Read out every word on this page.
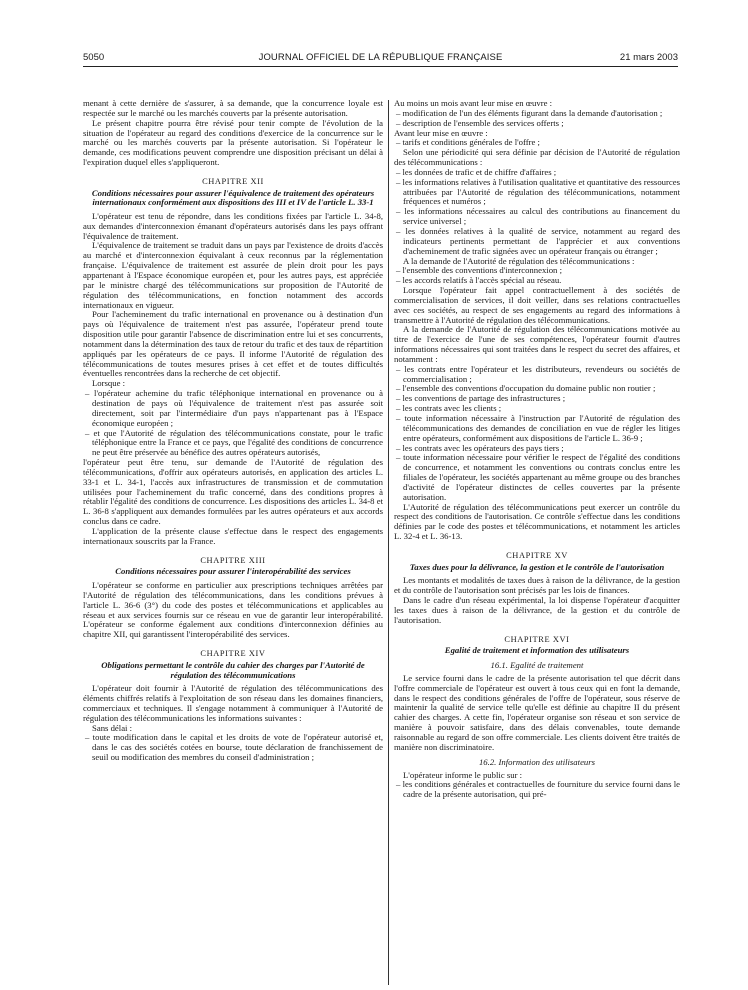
5050	JOURNAL OFFICIEL DE LA RÉPUBLIQUE FRANÇAISE	21 mars 2003

menant à cette dernière de s'assurer, à sa demande, que la concurrence loyale est respectée sur le marché ou les marchés couverts par la présente autorisation.

Le présent chapitre pourra être révisé pour tenir compte de l'évolution de la situation de l'opérateur au regard des conditions d'exercice de la concurrence sur le marché ou les marchés couverts par la présente autorisation. Si l'opérateur le demande, ces modifications peuvent comprendre une disposition précisant un délai à l'expiration duquel elles s'appliqueront.

CHAPITRE XII
Conditions nécessaires pour assurer l'équivalence de traitement des opérateurs internationaux conformément aux dispositions des III et IV de l'article L. 33-1

L'opérateur est tenu de répondre, dans les conditions fixées par l'article L. 34-8, aux demandes d'interconnexion émanant d'opérateurs autorisés dans les pays offrant l'équivalence de traitement.

L'équivalence de traitement se traduit dans un pays par l'existence de droits d'accès au marché et d'interconnexion équivalant à ceux reconnus par la réglementation française. L'équivalence de traitement est assurée de plein droit pour les pays appartenant à l'Espace économique européen et, pour les autres pays, est appréciée par le ministre chargé des télécommunications sur proposition de l'Autorité de régulation des télécommunications, en fonction notamment des accords internationaux en vigueur.

Pour l'acheminement du trafic international en provenance ou à destination d'un pays où l'équivalence de traitement n'est pas assurée, l'opérateur prend toute disposition utile pour garantir l'absence de discrimination entre lui et ses concurrents, notamment dans la détermination des taux de retour du trafic et des taux de répartition appliqués par les opérateurs de ce pays. Il informe l'Autorité de régulation des télécommunications de toutes mesures prises à cet effet et de toutes difficultés éventuelles rencontrées dans la recherche de cet objectif.

Lorsque :

– l'opérateur achemine du trafic téléphonique international en provenance ou à destination de pays où l'équivalence de traitement n'est pas assurée soit directement, soit par l'intermédiaire d'un pays n'appartenant pas à l'Espace économique européen ;
– et que l'Autorité de régulation des télécommunications constate, pour le trafic téléphonique entre la France et ce pays, que l'égalité des conditions de concurrence ne peut être préservée au bénéfice des autres opérateurs autorisés,

l'opérateur peut être tenu, sur demande de l'Autorité de régulation des télécommunications, d'offrir aux opérateurs autorisés, en application des articles L. 33-1 et L. 34-1, l'accès aux infrastructures de transmission et de commutation utilisées pour l'acheminement du trafic concerné, dans des conditions propres à rétablir l'égalité des conditions de concurrence. Les dispositions des articles L. 34-8 et L. 36-8 s'appliquent aux demandes formulées par les autres opérateurs et aux accords conclus dans ce cadre.

L'application de la présente clause s'effectue dans le respect des engagements internationaux souscrits par la France.

CHAPITRE XIII
Conditions nécessaires pour assurer l'interopérabilité des services

L'opérateur se conforme en particulier aux prescriptions techniques arrêtées par l'Autorité de régulation des télécommunications, dans les conditions prévues à l'article L. 36-6 (3°) du code des postes et télécommunications et applicables au réseau et aux services fournis sur ce réseau en vue de garantir leur interopérabilité. L'opérateur se conforme également aux conditions d'interconnexion définies au chapitre XII, qui garantissent l'interopérabilité des services.

CHAPITRE XIV
Obligations permettant le contrôle du cahier des charges par l'Autorité de régulation des télécommunications

L'opérateur doit fournir à l'Autorité de régulation des télécommunications des éléments chiffrés relatifs à l'exploitation de son réseau dans les domaines financiers, commerciaux et techniques. Il s'engage notamment à communiquer à l'Autorité de régulation des télécommunications les informations suivantes :

Sans délai :

– toute modification dans le capital et les droits de vote de l'opérateur autorisé et, dans le cas des sociétés cotées en bourse, toute déclaration de franchissement de seuil ou modification des membres du conseil d'administration ;

Au moins un mois avant leur mise en œuvre :

– modification de l'un des éléments figurant dans la demande d'autorisation ;
– description de l'ensemble des services offerts ;

Avant leur mise en œuvre :

– tarifs et conditions générales de l'offre ;

Selon une périodicité qui sera définie par décision de l'Autorité de régulation des télécommunications :

– les données de trafic et de chiffre d'affaires ;
– les informations relatives à l'utilisation qualitative et quantitative des ressources attribuées par l'Autorité de régulation des télécommunications, notamment fréquences et numéros ;
– les informations nécessaires au calcul des contributions au financement du service universel ;
– les données relatives à la qualité de service, notamment au regard des indicateurs pertinents permettant de l'apprécier et aux conventions d'acheminement de trafic signées avec un opérateur français ou étranger ;

A la demande de l'Autorité de régulation des télécommunications :

– l'ensemble des conventions d'interconnexion ;
– les accords relatifs à l'accès spécial au réseau.

Lorsque l'opérateur fait appel contractuellement à des sociétés de commercialisation de services, il doit veiller, dans ses relations contractuelles avec ces sociétés, au respect de ses engagements au regard des informations à transmettre à l'Autorité de régulation des télécommunications.

A la demande de l'Autorité de régulation des télécommunications motivée au titre de l'exercice de l'une de ses compétences, l'opérateur fournit d'autres informations nécessaires qui sont traitées dans le respect du secret des affaires, et notamment :

– les contrats entre l'opérateur et les distributeurs, revendeurs ou sociétés de commercialisation ;
– l'ensemble des conventions d'occupation du domaine public non routier ;
– les conventions de partage des infrastructures ;
– les contrats avec les clients ;
– toute information nécessaire à l'instruction par l'Autorité de régulation des télécommunications des demandes de conciliation en vue de régler les litiges entre opérateurs, conformément aux dispositions de l'article L. 36-9 ;
– les contrats avec les opérateurs des pays tiers ;
– toute information nécessaire pour vérifier le respect de l'égalité des conditions de concurrence, et notamment les conventions ou contrats conclus entre les filiales de l'opérateur, les sociétés appartenant au même groupe ou des branches d'activité de l'opérateur distinctes de celles couvertes par la présente autorisation.

L'Autorité de régulation des télécommunications peut exercer un contrôle du respect des conditions de l'autorisation. Ce contrôle s'effectue dans les conditions définies par le code des postes et télécommunications, et notamment les articles L. 32-4 et L. 36-13.

CHAPITRE XV
Taxes dues pour la délivrance, la gestion et le contrôle de l'autorisation

Les montants et modalités de taxes dues à raison de la délivrance, de la gestion et du contrôle de l'autorisation sont précisés par les lois de finances.

Dans le cadre d'un réseau expérimental, la loi dispense l'opérateur d'acquitter les taxes dues à raison de la délivrance, de la gestion et du contrôle de l'autorisation.

CHAPITRE XVI
Egalité de traitement et information des utilisateurs
16.1. Egalité de traitement

Le service fourni dans le cadre de la présente autorisation tel que décrit dans l'offre commerciale de l'opérateur est ouvert à tous ceux qui en font la demande, dans le respect des conditions générales de l'offre de l'opérateur, sous réserve de maintenir la qualité de service telle qu'elle est définie au chapitre II du présent cahier des charges. A cette fin, l'opérateur organise son réseau et son service de manière à pouvoir satisfaire, dans des délais convenables, toute demande raisonnable au regard de son offre commerciale. Les clients doivent être traités de manière non discriminatoire.

16.2. Information des utilisateurs

L'opérateur informe le public sur :

– les conditions générales et contractuelles de fourniture du service fourni dans le cadre de la présente autorisation, qui pré-
